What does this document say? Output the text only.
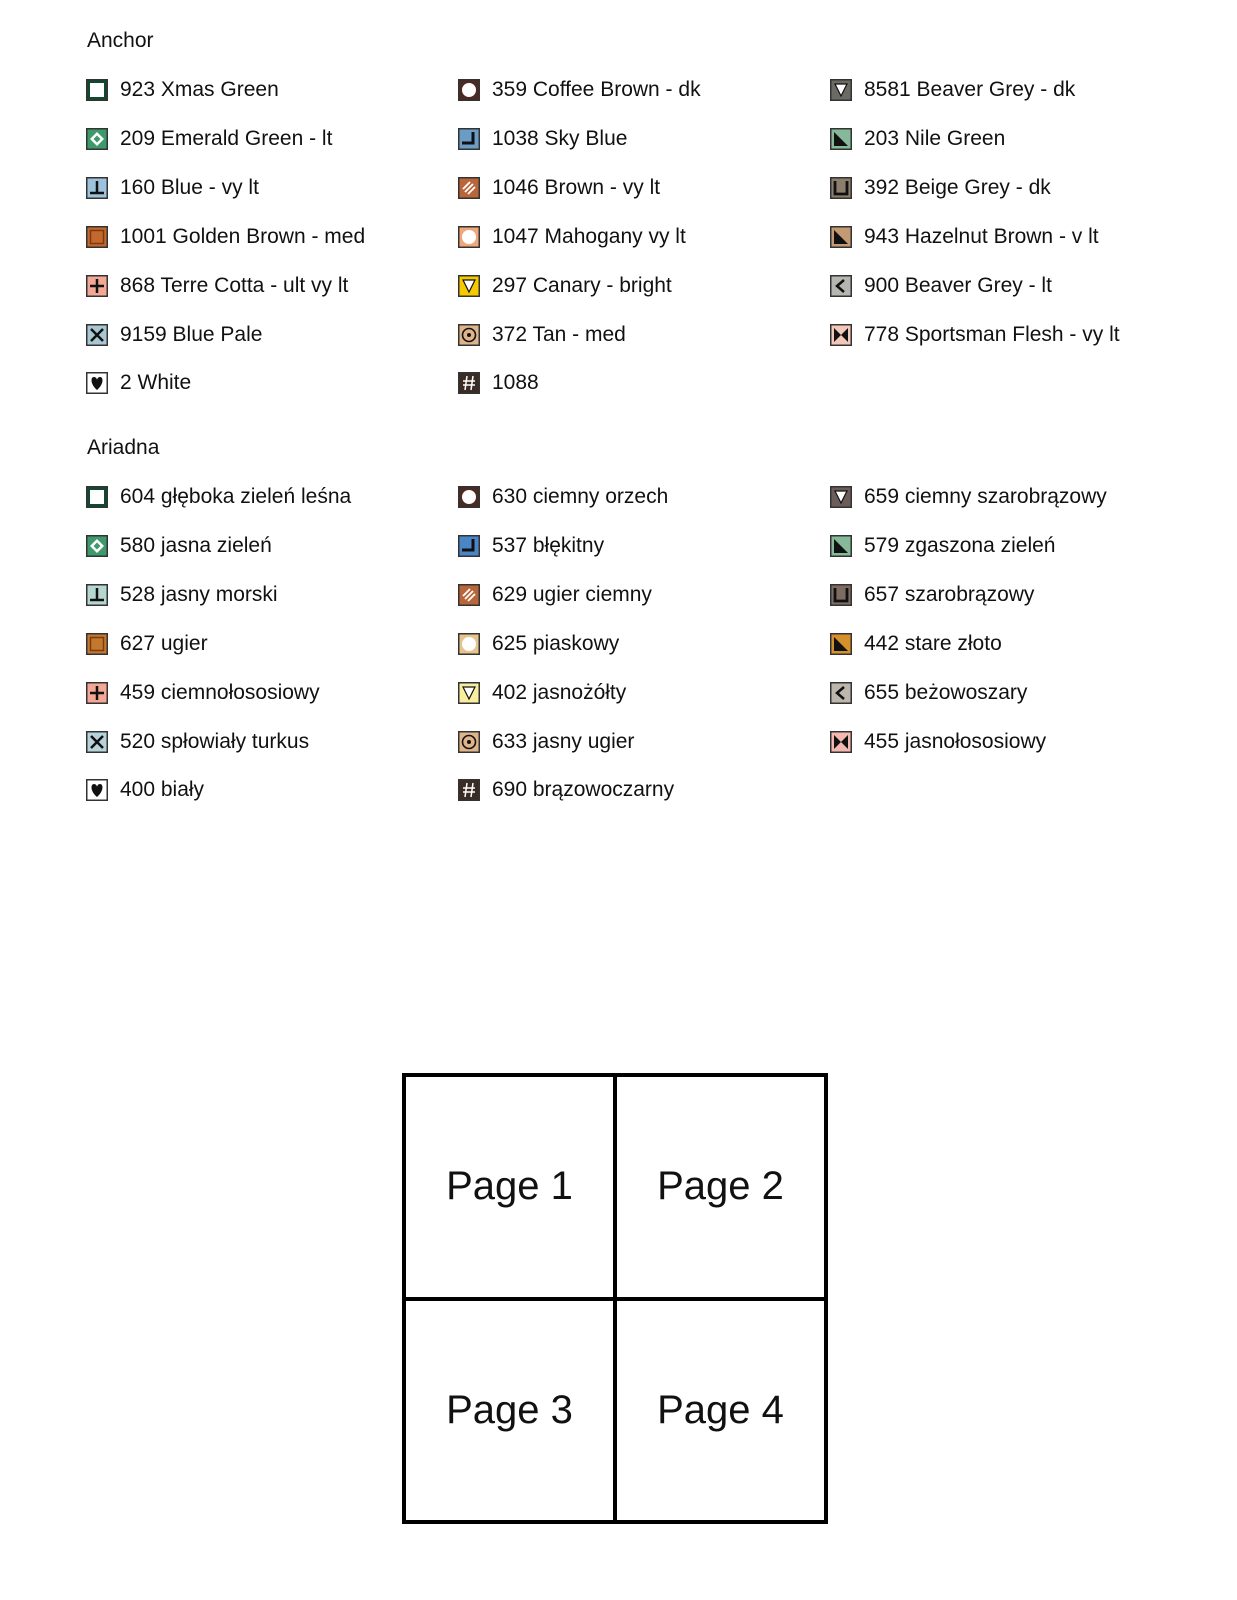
Anchor
Ariadna
923 Xmas Green	359 Coffee Brown - dk	8581 Beaver Grey - dk
209 Emerald Green - lt	1038 Sky Blue	203 Nile Green
160 Blue - vy lt	1046 Brown - vy lt	392 Beige Grey - dk
1001 Golden Brown - med	1047 Mahogany vy lt	943 Hazelnut Brown - v lt
868 Terre Cotta - ult vy lt	297 Canary - bright	900 Beaver Grey - lt
9159 Blue Pale	372 Tan - med	778 Sportsman Flesh - vy lt
2 White	1088
604 głęboka zieleń leśna	630 ciemny orzech	659 ciemny szarobrązowy
580 jasna zieleń	537 błękitny	579 zgaszona zieleń
528 jasny morski	629 ugier ciemny	657 szarobrązowy
627 ugier	625 piaskowy	442 stare złoto
459 ciemnołososiowy	402 jasnożółty	655 beżowoszary
520 spłowiały turkus	633 jasny ugier	455 jasnołososiowy
400 biały	690 brązowoczarny
Page 1	Page 2
Page 3	Page 4
